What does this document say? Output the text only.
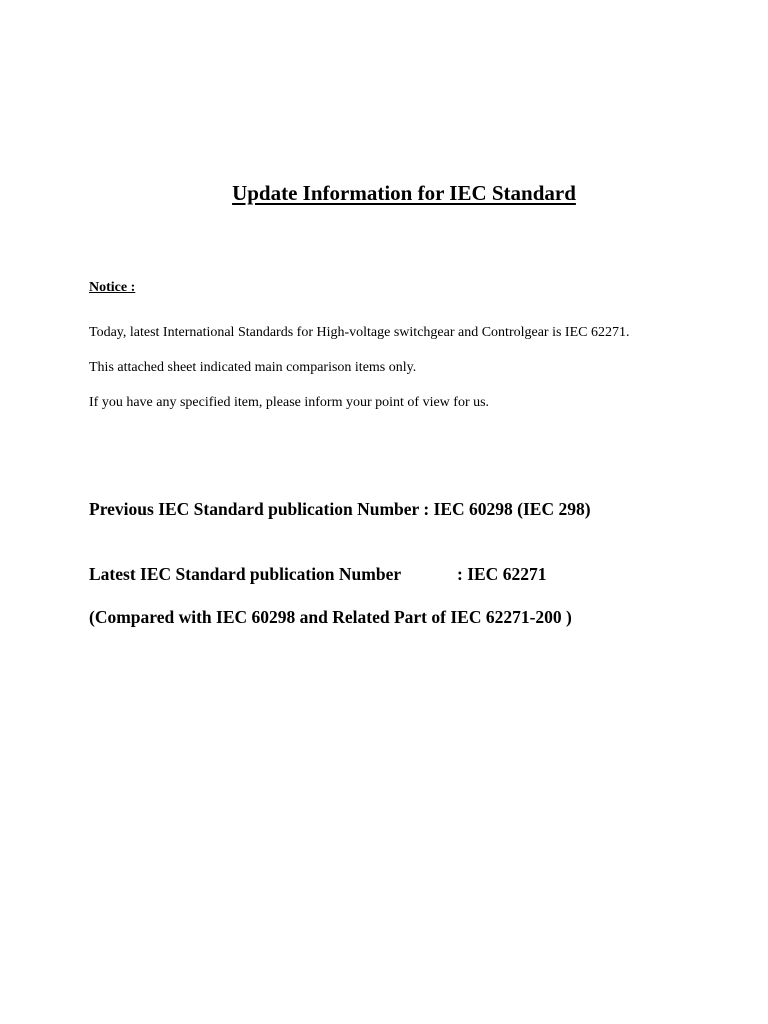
Update Information for IEC Standard
Notice :
Today, latest International Standards for High-voltage switchgear and Controlgear is IEC 62271.
This attached sheet indicated main comparison items only.
If you have any specified item, please inform your point of view for us.
Previous IEC Standard publication Number : IEC 60298 (IEC 298)
Latest IEC Standard publication Number	: IEC 62271
(Compared with IEC 60298 and Related Part of IEC 62271-200 )
